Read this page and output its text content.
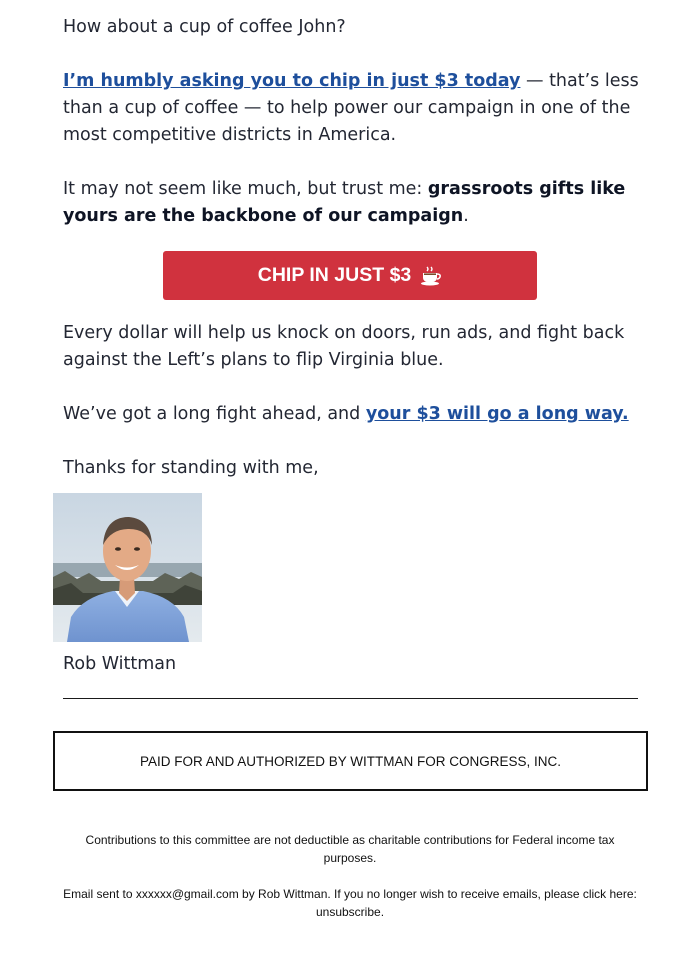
How about a cup of coffee John?
I’m humbly asking you to chip in just $3 today — that’s less than a cup of coffee — to help power our campaign in one of the most competitive districts in America.
It may not seem like much, but trust me: grassroots gifts like yours are the backbone of our campaign.
CHIP IN JUST $3
Every dollar will help us knock on doors, run ads, and fight back against the Left’s plans to flip Virginia blue.
We’ve got a long fight ahead, and your $3 will go a long way.
Thanks for standing with me,
Rob Wittman
PAID FOR AND AUTHORIZED BY WITTMAN FOR CONGRESS, INC.
Contributions to this committee are not deductible as charitable contributions for Federal income tax purposes.
Email sent to xxxxxx@gmail.com by Rob Wittman. If you no longer wish to receive emails, please click here: unsubscribe.
